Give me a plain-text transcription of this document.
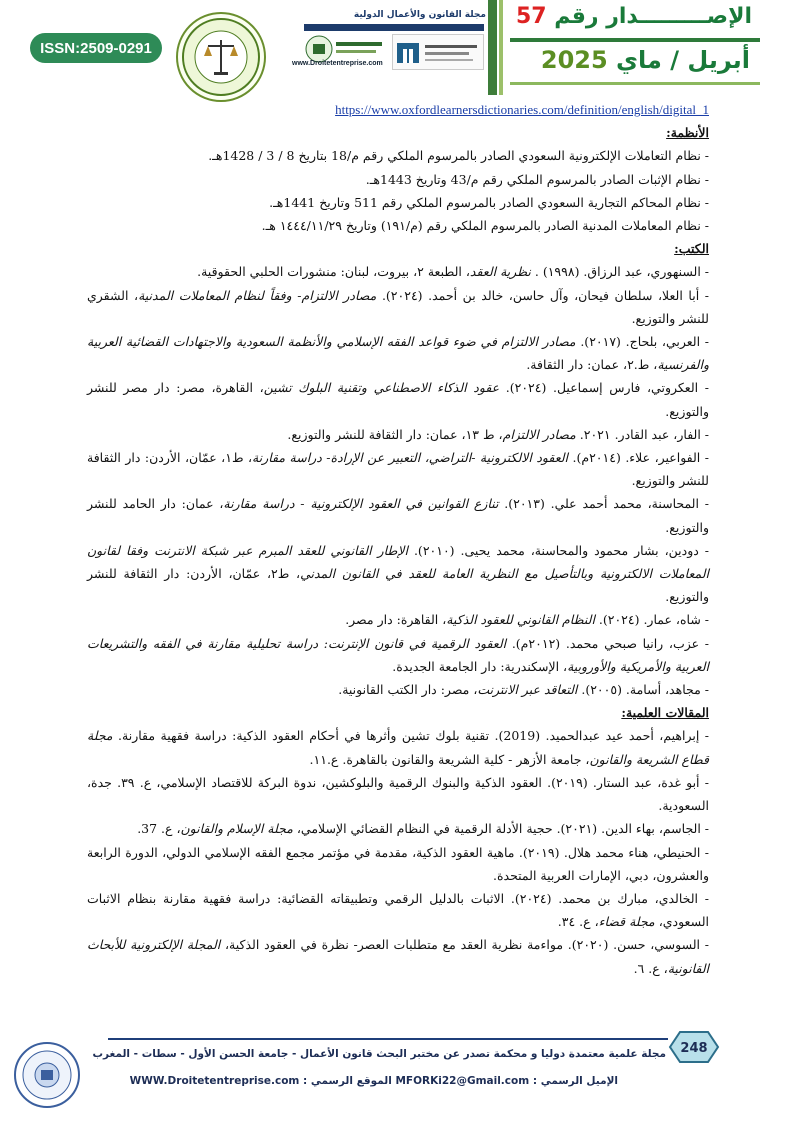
ISSN:2509-0291
مجلة القانون والأعمال الدولية
www.Droitetentreprise.com
الإصـــــــــدار رقم 57
أبريل / ماي 2025
https://www.oxfordlearnersdictionaries.com/definition/english/digital_1
الأنظمة:
- نظام التعاملات الإلكترونية السعودي الصادر بالمرسوم الملكي رقم م/18 بتاريخ 8 / 3 / 1428هـ.
- نظام الإثبات الصادر بالمرسوم الملكي رقم م/43 وتاريخ 1443هـ.
- نظام المحاكم التجارية السعودي الصادر بالمرسوم الملكي رقم 511 وتاريخ 1441هـ.
- نظام المعاملات المدنية الصادر بالمرسوم الملكي رقم (م/١٩١) وتاريخ ١٤٤٤/١١/٢٩ هـ.
الكتب:
- السنهوري، عبد الرزاق. (١٩٩٨) . نظرية العقد، الطبعة ٢، بيروت، لبنان: منشورات الحلبي الحقوقية.
- أبا العلا، سلطان فيحان، وآل حاسن، خالد بن أحمد. (٢٠٢٤). مصادر الالتزام- وفقاً لنظام المعاملات المدنية، الشقري للنشر والتوزيع.
- العربي، بلحاج. (٢٠١٧). مصادر الالتزام في ضوء قواعد الفقه الإسلامي والأنظمة السعودية والاجتهادات القضائية العربية والفرنسية، ط.٢، عمان: دار الثقافة.
- العكروتي، فارس إسماعيل. (٢٠٢٤). عقود الذكاء الاصطناعي وتقنية البلوك تشين، القاهرة، مصر: دار مصر للنشر والتوزيع.
- الفار، عبد القادر. ٢٠٢١. مصادر الالتزام، ط ١٣، عمان: دار الثقافة للنشر والتوزيع.
- الفواعير، علاء. (٢٠١٤م). العقود الالكترونية -التراضي، التعبير عن الإرادة- دراسة مقارنة، ط١، عمّان، الأردن: دار الثقافة للنشر والتوزيع.
- المحاسنة، محمد أحمد علي. (٢٠١٣). تنازع القوانين في العقود الإلكترونية - دراسة مقارنة، عمان: دار الحامد للنشر والتوزيع.
- دودين، بشار محمود والمحاسنة، محمد يحيى. (٢٠١٠). الإطار القانوني للعقد المبرم عبر شبكة الانترنت وفقا لقانون المعاملات الالكترونية وبالتأصيل مع النظرية العامة للعقد في القانون المدني، ط٢، عمّان، الأردن: دار الثقافة للنشر والتوزيع.
- شاه، عمار. (٢٠٢٤). النظام القانوني للعقود الذكية، القاهرة: دار مصر.
- عزب، رانيا صبحي محمد. (٢٠١٢م). العقود الرقمية في قانون الإنترنت: دراسة تحليلية مقارنة في الفقه والتشريعات العربية والأمريكية والأوروبية، الإسكندرية: دار الجامعة الجديدة.
- مجاهد، أسامة. (٢٠٠٥). التعاقد عبر الانترنت، مصر: دار الكتب القانونية.
المقالات العلمية:
- إبراهيم، أحمد عيد عبدالحميد. (2019). تقنية بلوك تشين وأثرها في أحكام العقود الذكية: دراسة فقهية مقارنة. مجلة قطاع الشريعة والقانون، جامعة الأزهر - كلية الشريعة والقانون بالقاهرة. ع.١١.
- أبو غدة، عبد الستار. (٢٠١٩). العقود الذكية والبنوك الرقمية والبلوكشين، ندوة البركة للاقتصاد الإسلامي، ع. ٣٩. جدة، السعودية.
- الجاسم، بهاء الدين. (٢٠٢١). حجية الأدلة الرقمية في النظام القضائي الإسلامي، مجلة الإسلام والقانون، ع. 37.
- الحنيطي، هناء محمد هلال. (٢٠١٩). ماهية العقود الذكية، مقدمة في مؤتمر مجمع الفقه الإسلامي الدولي، الدورة الرابعة والعشرون، دبي، الإمارات العربية المتحدة.
- الخالدي، مبارك بن محمد. (٢٠٢٤). الاثبات بالدليل الرقمي وتطبيقاته القضائية: دراسة فقهية مقارنة بنظام الاثبات السعودي، مجلة قضاء، ع. ٣٤.
- السوسي، حسن. (٢٠٢٠). مواءمة نظرية العقد مع متطلبات العصر- نظرة في العقود الذكية، المجلة الإلكترونية للأبحاث القانونية، ع. ٦.
248
مجلة علمية معتمدة دوليا و محكمة تصدر عن مختبر البحث قانون الأعمال - جامعة الحسن الأول - سطات - المغرب
الإميل الرسمي : MFORKi22@Gmail.com الموقع الرسمي : WWW.Droitetentreprise.com
